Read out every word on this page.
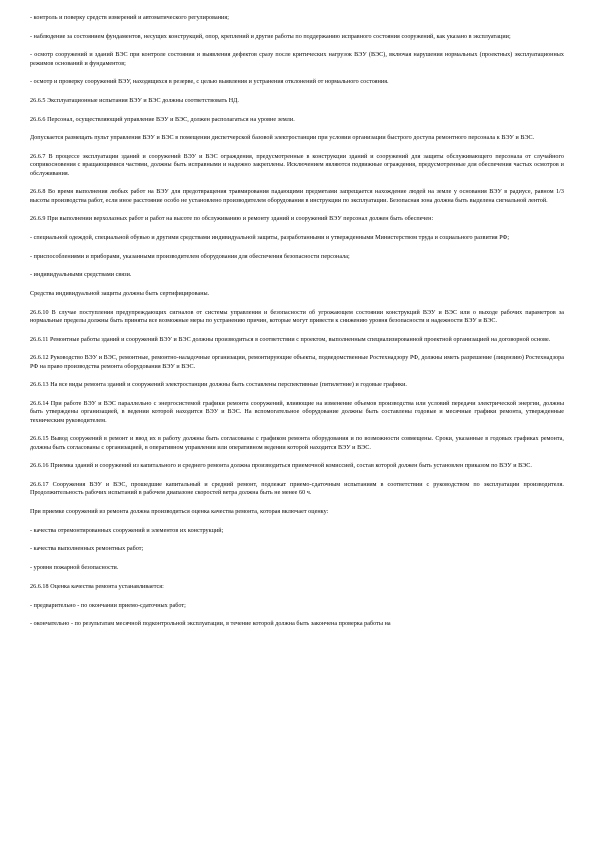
- контроль и поверку средств измерений и автоматического регулирования;

- наблюдение за состоянием фундаментов, несущих конструкций, опор, креплений и другие работы по поддержанию исправного состояния сооружений, как указано в эксплуатации;

- осмотр сооружений и зданий ВЭС при контроле состояния и выявления дефектов сразу после критических нагрузок ВЭУ (ВЭС), включая нарушения нормальных (проектных) эксплуатационных режимов оснований и фундаментов;

- осмотр и проверку сооружений ВЭУ, находящихся в резерве, с целью выявления и устранения отклонений от нормального состояния.

26.6.5 Эксплуатационные испытания ВЭУ и ВЭС должны соответствовать НД.

26.6.6 Персонал, осуществляющий управление ВЭУ и ВЭС, должен располагаться на уровне земли.

Допускается размещать пульт управления ВЭУ и ВЭС в помещении диспетчерской базовой электростанции при условии организации быстрого доступа ремонтного персонала к ВЭУ и ВЭС.

26.6.7 В процессе эксплуатации зданий и сооружений ВЭУ и ВЭС ограждения, предусмотренные в конструкции зданий и сооружений для защиты обслуживающего персонала от случайного соприкосновения с вращающимися частями, должны быть исправными и надежно закреплены. Исключением являются подвижные ограждения, предусмотренные для обеспечения частых осмотров и обслуживания.

26.6.8 Во время выполнения любых работ на ВЭУ для предотвращения травмирования падающими предметами запрещается нахождение людей на земле у основания ВЭУ в радиусе, равном 1/3 высоты производства работ, если иное расстояние особо не установлено производителем оборудования в инструкции по эксплуатации. Безопасная зона должна быть выделена сигнальной лентой.

26.6.9 При выполнении верхолазных работ и работ на высоте по обслуживанию и ремонту зданий и сооружений ВЭУ персонал должен быть обеспечен:

- специальной одеждой, специальной обувью и другими средствами индивидуальной защиты, разработанными и утвержденными Министерством труда и социального развития РФ;

- приспособлениями и приборами, указанными производителем оборудования для обеспечения безопасности персонала;

- индивидуальными средствами связи.

Средства индивидуальной защиты должны быть сертифицированы.

26.6.10 В случае поступления предупреждающих сигналов от системы управления и безопасности об угрожающем состоянии конструкций ВЭУ и ВЭС или о выходе рабочих параметров за нормальные пределы должны быть приняты все возможные меры по устранению причин, которые могут привести к снижению уровня безопасности и надежности ВЭУ и ВЭС.

26.6.11 Ремонтные работы зданий и сооружений ВЭУ и ВЭС должны производиться в соответствии с проектом, выполненным специализированной проектной организацией на договорной основе.

26.6.12 Руководство ВЭУ и ВЭС, ремонтные, ремонтно-наладочные организации, ремонтирующие объекты, подведомственные Ростехнадзору РФ, должны иметь разрешение (лицензию) Ростехнадзора РФ на право производства ремонта оборудования ВЭУ и ВЭС.

26.6.13 На все виды ремонта зданий и сооружений электростанции должны быть составлены перспективные (пятилетние) и годовые графики.

26.6.14 При работе ВЭУ и ВЭС параллельно с энергосистемой графики ремонта сооружений, влияющие на изменение объемов производства или условий передачи электрической энергии, должны быть утверждены организацией, в ведении которой находится ВЭУ и ВЭС. На вспомогательное оборудование должны быть составлены годовые и месячные графики ремонта, утвержденные техническим руководителем.

26.6.15 Вывод сооружений в ремонт и ввод их в работу должны быть согласованы с графиком ремонта оборудования и по возможности совмещены. Сроки, указанные в годовых графиках ремонта, должны быть согласованы с организацией, в оперативном управлении или оперативном ведении которой находится ВЭУ и ВЭС.

26.6.16 Приемка зданий и сооружений из капитального и среднего ремонта должна производиться приемочной комиссией, состав которой должен быть установлен приказом по ВЭУ и ВЭС.

26.6.17 Сооружения ВЭУ и ВЭС, прошедшие капитальный и средний ремонт, подлежат приемо-сдаточным испытаниям в соответствии с руководством по эксплуатации производителя. Продолжительность рабочих испытаний в рабочем диапазоне скоростей ветра должна быть не менее 60 ч.

При приемке сооружений из ремонта должна производиться оценка качества ремонта, которая включает оценку:

- качества отремонтированных сооружений и элементов их конструкций;

- качества выполненных ремонтных работ;

- уровня пожарной безопасности.

26.6.18 Оценка качества ремонта устанавливается:

- предварительно - по окончании приемо-сдаточных работ;

- окончательно - по результатам месячной подконтрольной эксплуатации, в течение которой должна быть закончена проверка работы на
